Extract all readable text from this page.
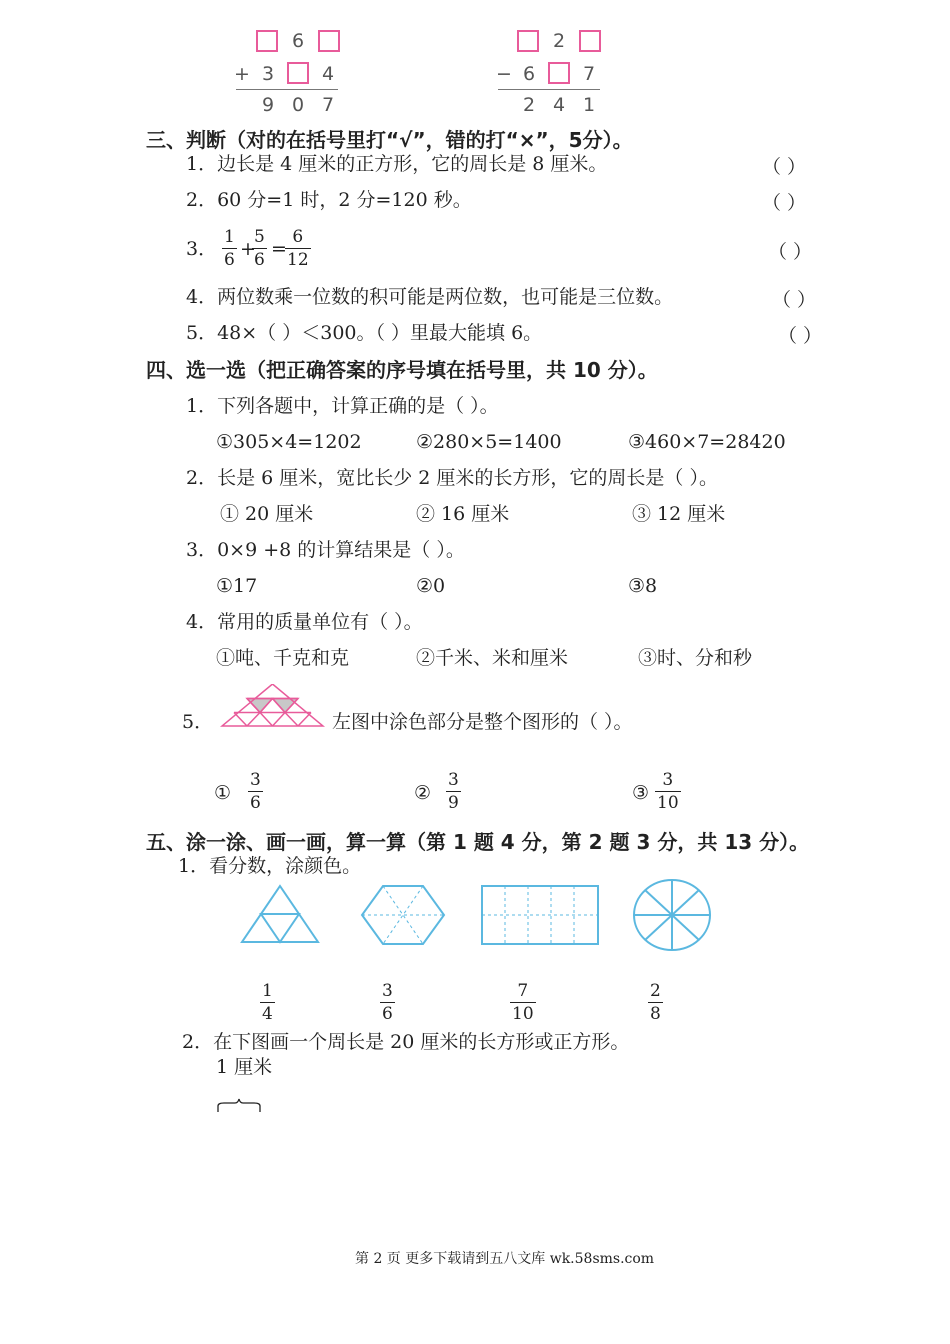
6
+ 3	4
9 0 7
2
− 6	7
2 4 1
三、判断（对的在括号里打“√”，错的打“×”，5分）。
1．边长是 4 厘米的正方形，它的周长是 8 厘米。	（ ）
2．60 分=1 时，2 分=120 秒。	（ ）
3．
1
6 +
5
6 =
6
12	（ ）
4．两位数乘一位数的积可能是两位数，也可能是三位数。	（ ）
5．48×（ ）＜300。（ ）里最大能填 6。	（ ）
四、选一选（把正确答案的序号填在括号里，共 10 分）。
1．下列各题中，计算正确的是（ ）。
①305×4=1202	②280×5=1400	③460×7=28420
2．长是 6 厘米，宽比长少 2 厘米的长方形，它的周长是（ ）。
① 20 厘米	② 16 厘米	③ 12 厘米
3．0×9 +8 的计算结果是（ ）。
①17	②0	③8
4．常用的质量单位有（ ）。
①吨、千克和克	②千米、米和厘米	③时、分和秒
5．	左图中涂色部分是整个图形的（ ）。
①
3
6	②
3
9	③
3
10
五、涂一涂、画一画，算一算（第 1 题 4 分，第 2 题 3 分，共 13 分）。
1．看分数，涂颜色。
1
4
3
6
7
10
2
8
2．在下图画一个周长是 20 厘米的长方形或正方形。
1 厘米
第 2 页 更多下载请到五八文库 wk.58sms.com
